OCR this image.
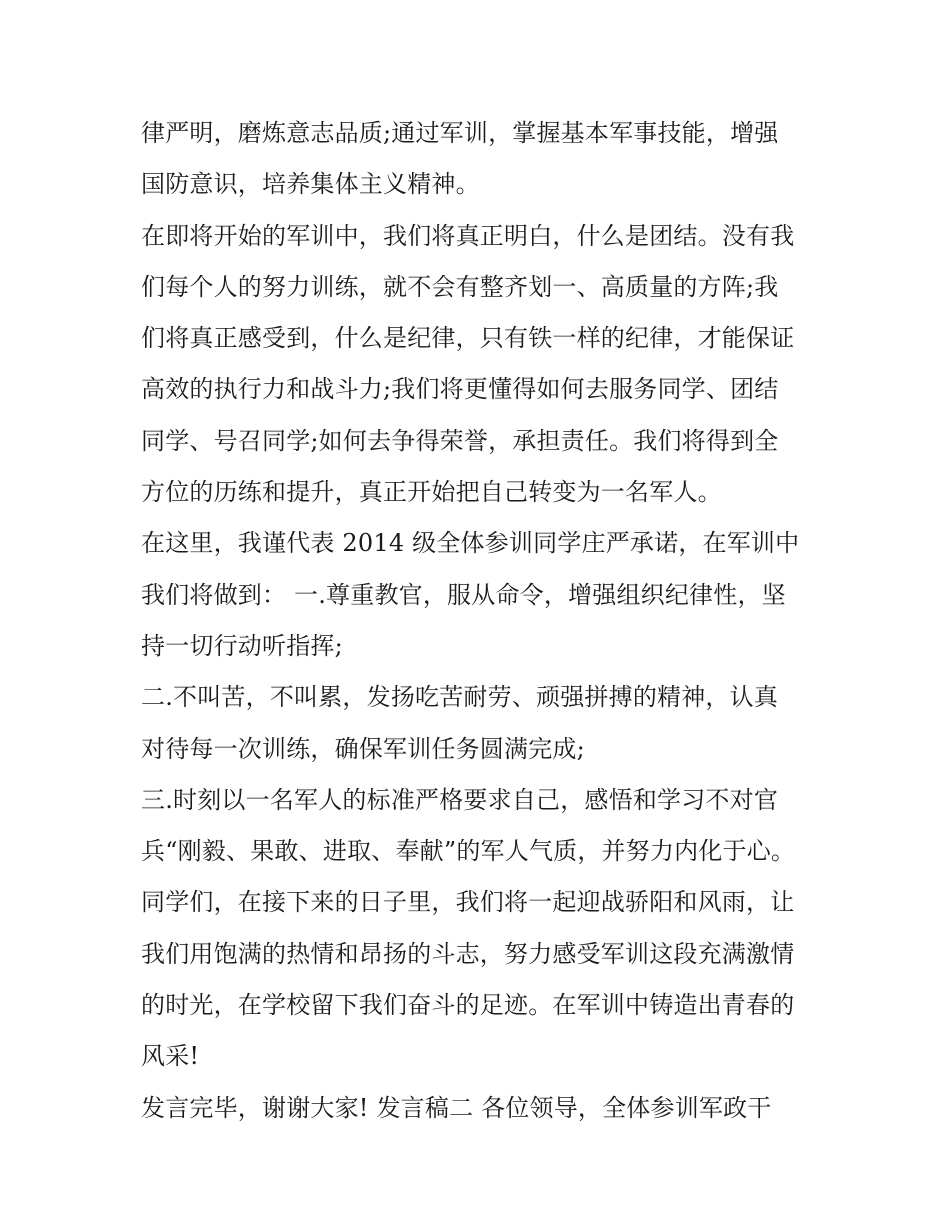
律严明，磨炼意志品质;通过军训，掌握基本军事技能，增强
国防意识，培养集体主义精神。
在即将开始的军训中，我们将真正明白，什么是团结。没有我
们每个人的努力训练，就不会有整齐划一、高质量的方阵;我
们将真正感受到，什么是纪律，只有铁一样的纪律，才能保证
高效的执行力和战斗力;我们将更懂得如何去服务同学、团结
同学、号召同学;如何去争得荣誉，承担责任。我们将得到全
方位的历练和提升，真正开始把自己转变为一名军人。
在这里，我谨代表 2014 级全体参训同学庄严承诺，在军训中
我们将做到： 一.尊重教官，服从命令，增强组织纪律性，坚
持一切行动听指挥;
二.不叫苦，不叫累，发扬吃苦耐劳、顽强拼搏的精神，认真
对待每一次训练，确保军训任务圆满完成;
三.时刻以一名军人的标准严格要求自己，感悟和学习不对官
兵“刚毅、果敢、进取、奉献”的军人气质，并努力内化于心。
同学们，在接下来的日子里，我们将一起迎战骄阳和风雨，让
我们用饱满的热情和昂扬的斗志，努力感受军训这段充满激情
的时光，在学校留下我们奋斗的足迹。在军训中铸造出青春的
风采!
发言完毕，谢谢大家! 发言稿二 各位领导，全体参训军政干
